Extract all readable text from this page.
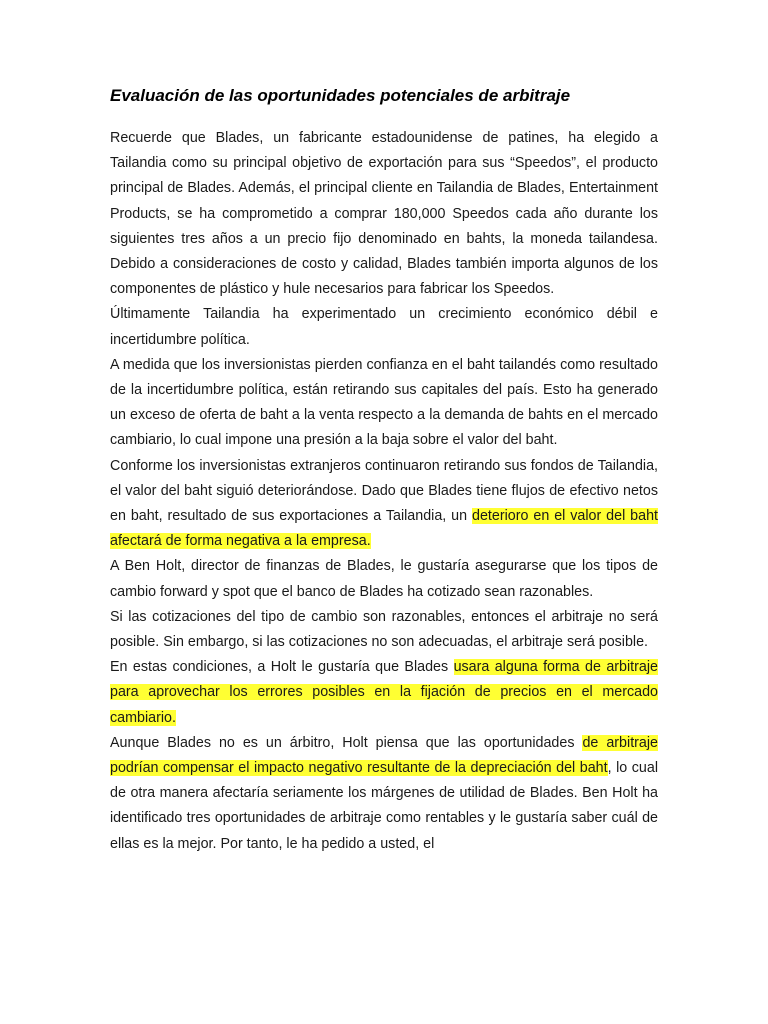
Evaluación de las oportunidades potenciales de arbitraje

Recuerde que Blades, un fabricante estadounidense de patines, ha elegido a Tailandia como su principal objetivo de exportación para sus “Speedos”, el producto principal de Blades. Además, el principal cliente en Tailandia de Blades, Entertainment Products, se ha comprometido a comprar 180,000 Speedos cada año durante los siguientes tres años a un precio fijo denominado en bahts, la moneda tailandesa. Debido a consideraciones de costo y calidad, Blades también importa algunos de los componentes de plástico y hule necesarios para fabricar los Speedos.

Últimamente Tailandia ha experimentado un crecimiento económico débil e incertidumbre política.

A medida que los inversionistas pierden confianza en el baht tailandés como resultado de la incertidumbre política, están retirando sus capitales del país. Esto ha generado un exceso de oferta de baht a la venta respecto a la demanda de bahts en el mercado cambiario, lo cual impone una presión a la baja sobre el valor del baht.

Conforme los inversionistas extranjeros continuaron retirando sus fondos de Tailandia, el valor del baht siguió deteriorándose. Dado que Blades tiene flujos de efectivo netos en baht, resultado de sus exportaciones a Tailandia, un deterioro en el valor del baht afectará de forma negativa a la empresa.

A Ben Holt, director de finanzas de Blades, le gustaría asegurarse que los tipos de cambio forward y spot que el banco de Blades ha cotizado sean razonables.

Si las cotizaciones del tipo de cambio son razonables, entonces el arbitraje no será posible. Sin embargo, si las cotizaciones no son adecuadas, el arbitraje será posible.

En estas condiciones, a Holt le gustaría que Blades usara alguna forma de arbitraje para aprovechar los errores posibles en la fijación de precios en el mercado cambiario.

Aunque Blades no es un árbitro, Holt piensa que las oportunidades de arbitraje podrían compensar el impacto negativo resultante de la depreciación del baht, lo cual de otra manera afectaría seriamente los márgenes de utilidad de Blades. Ben Holt ha identificado tres oportunidades de arbitraje como rentables y le gustaría saber cuál de ellas es la mejor. Por tanto, le ha pedido a usted, el
